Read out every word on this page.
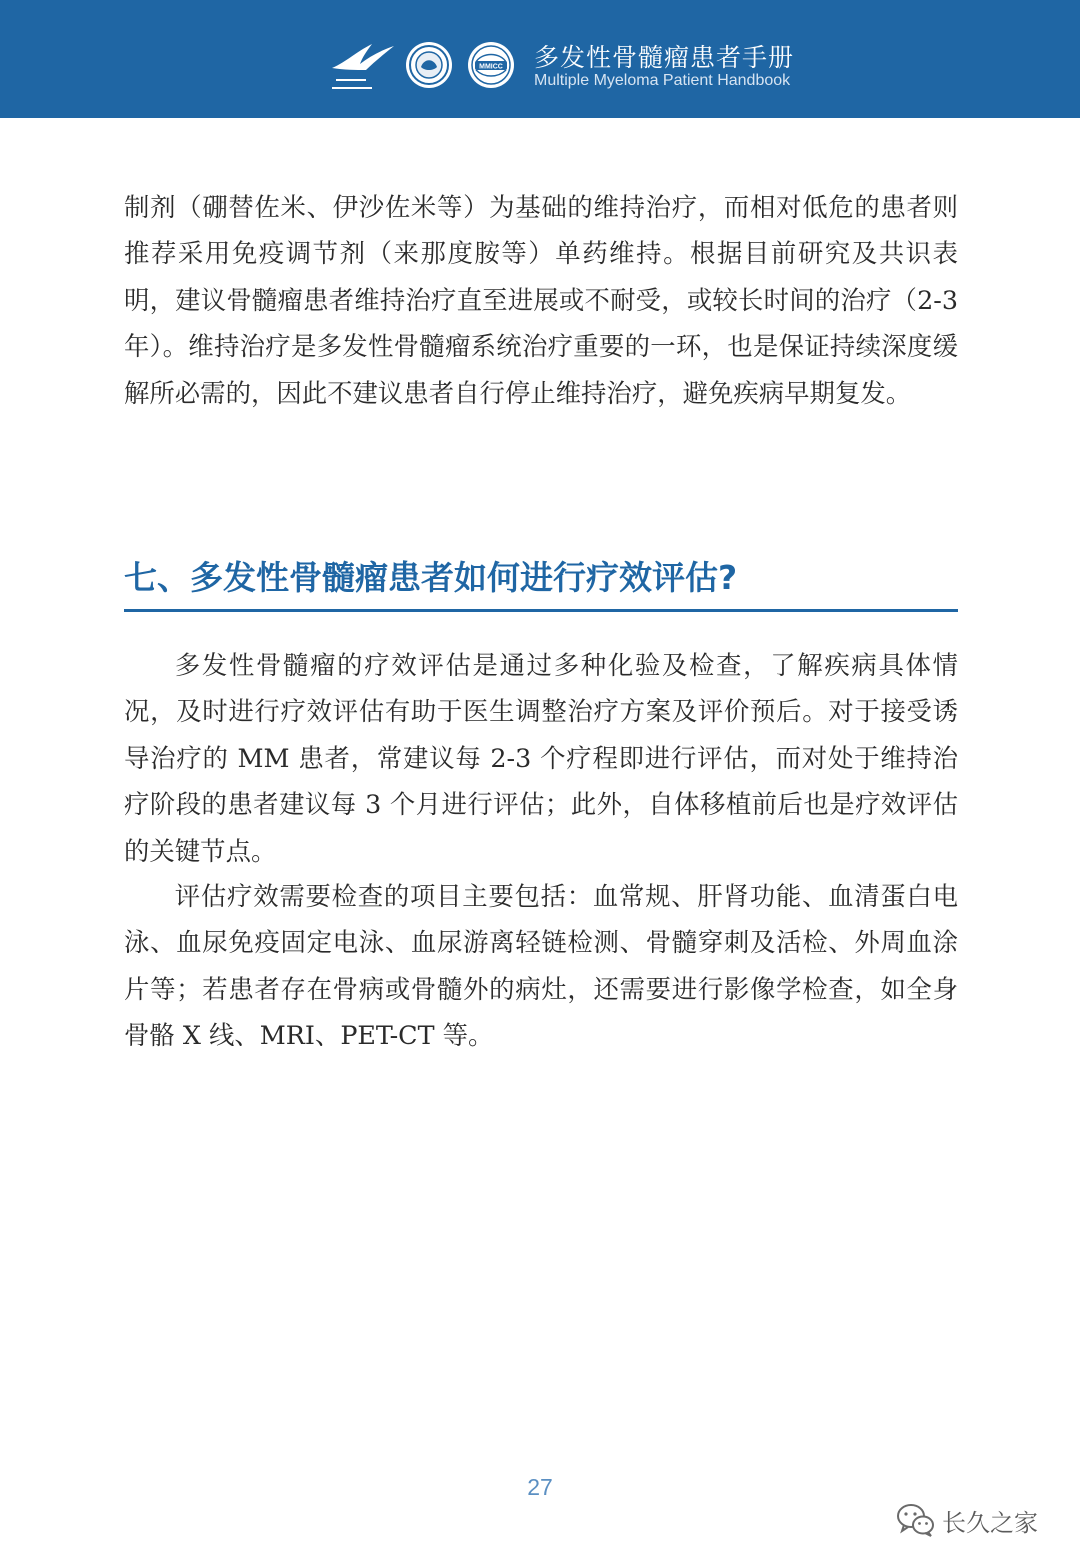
MMICC 多发性骨髓瘤患者手册
Multiple Myeloma Patient Handbook

制剂（硼替佐米、伊沙佐米等）为基础的维持治疗，而相对低危的患者则推荐采用免疫调节剂（来那度胺等）单药维持。根据目前研究及共识表明，建议骨髓瘤患者维持治疗直至进展或不耐受，或较长时间的治疗（2-3 年）。维持治疗是多发性骨髓瘤系统治疗重要的一环，也是保证持续深度缓解所必需的，因此不建议患者自行停止维持治疗，避免疾病早期复发。

七、多发性骨髓瘤患者如何进行疗效评估?

多发性骨髓瘤的疗效评估是通过多种化验及检查，了解疾病具体情况，及时进行疗效评估有助于医生调整治疗方案及评价预后。对于接受诱导治疗的 MM 患者，常建议每 2-3 个疗程即进行评估，而对处于维持治疗阶段的患者建议每 3 个月进行评估；此外，自体移植前后也是疗效评估的关键节点。

评估疗效需要检查的项目主要包括：血常规、肝肾功能、血清蛋白电泳、血尿免疫固定电泳、血尿游离轻链检测、骨髓穿刺及活检、外周血涂片等；若患者存在骨病或骨髓外的病灶，还需要进行影像学检查，如全身骨骼 X 线、MRI、PET-CT 等。

27
长久之家
